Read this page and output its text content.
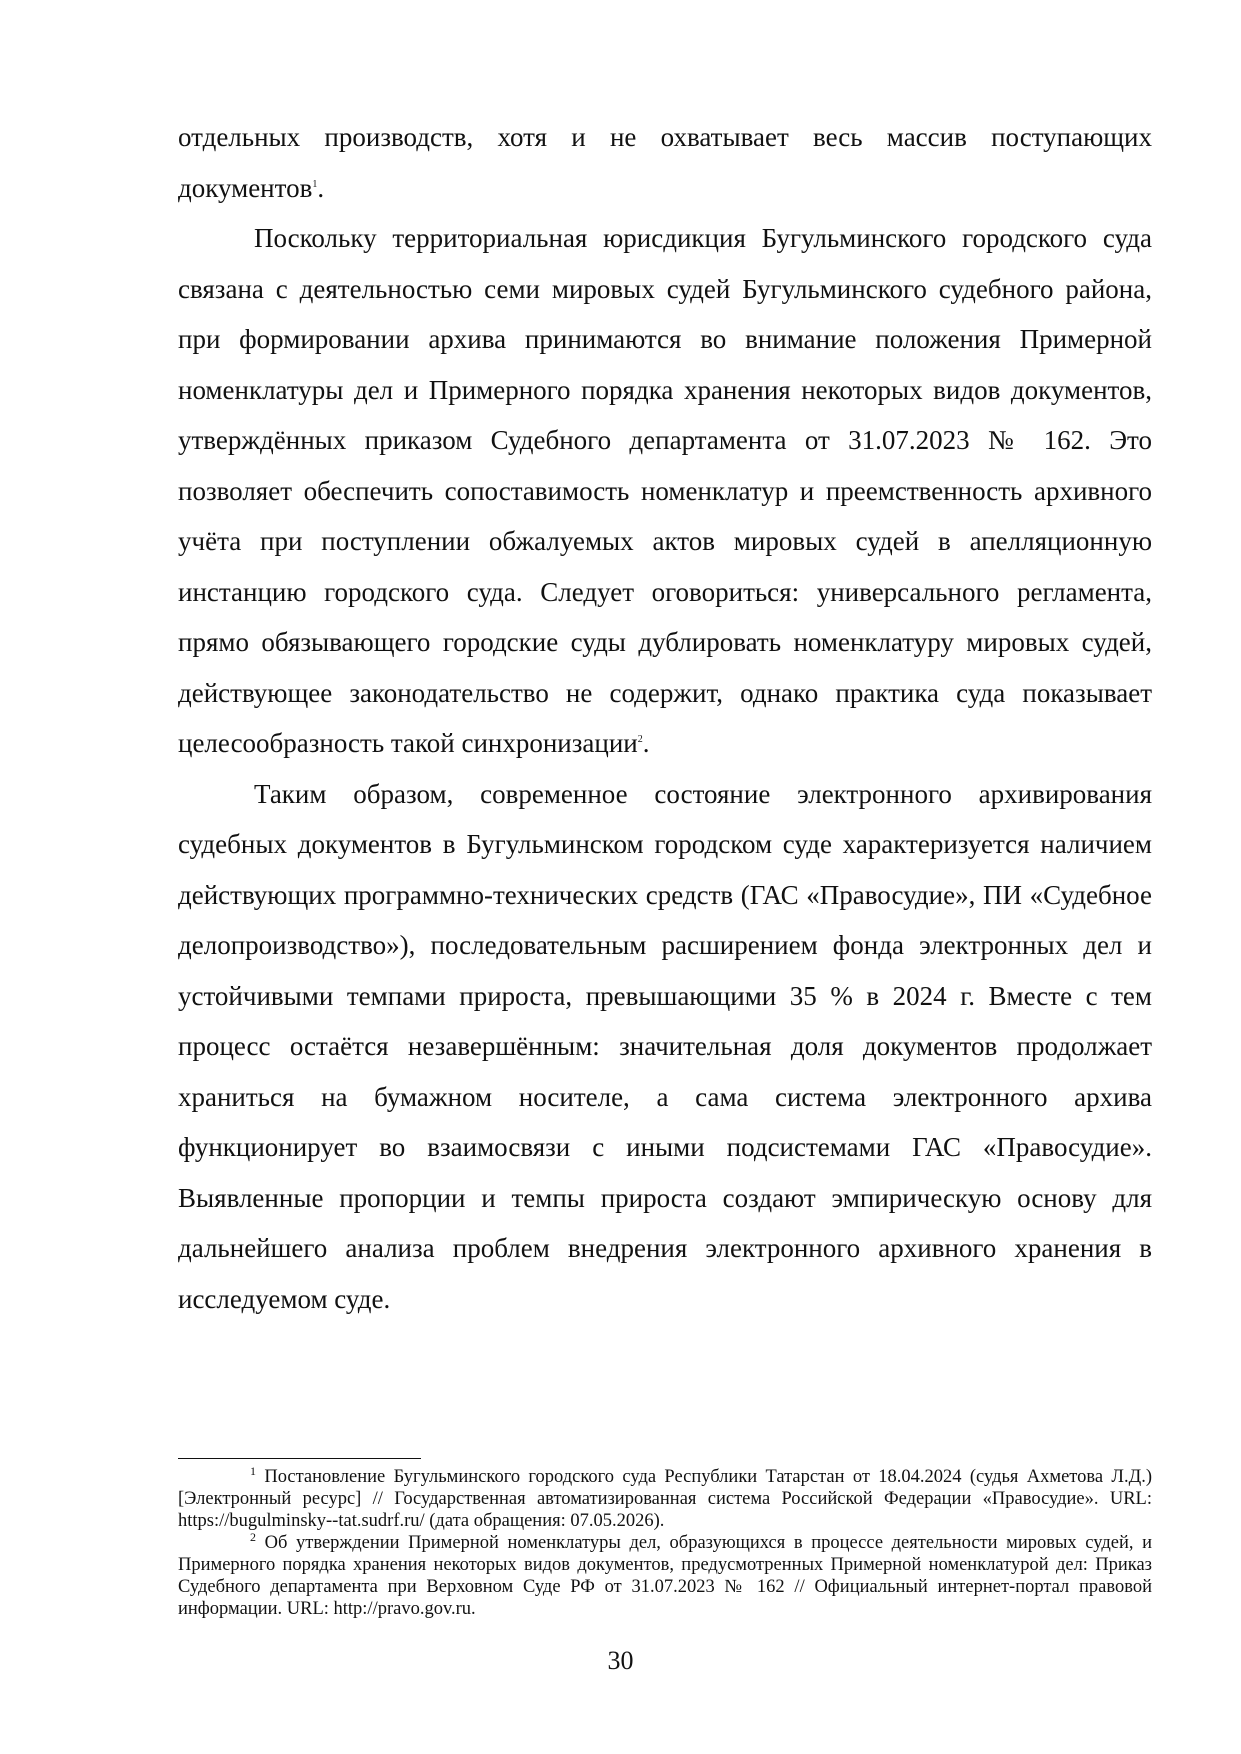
отдельных производств, хотя и не охватывает весь массив поступающих документов$^1$.

Поскольку территориальная юрисдикция Бугульминского городского суда связана с деятельностью семи мировых судей Бугульминского судебного района, при формировании архива принимаются во внимание положения Примерной номенклатуры дел и Примерного порядка хранения некоторых видов документов, утверждённых приказом Судебного департамента от 31.07.2023 № 162. Это позволяет обеспечить сопоставимость номенклатур и преемственность архивного учёта при поступлении обжалуемых актов мировых судей в апелляционную инстанцию городского суда. Следует оговориться: универсального регламента, прямо обязывающего городские суды дублировать номенклатуру мировых судей, действующее законодательство не содержит, однако практика суда показывает целесообразность такой синхронизации$^2$.

Таким образом, современное состояние электронного архивирования судебных документов в Бугульминском городском суде характеризуется наличием действующих программно-технических средств (ГАС «Правосудие», ПИ «Судебное делопроизводство»), последовательным расширением фонда электронных дел и устойчивыми темпами прироста, превышающими 35 % в 2024 г. Вместе с тем процесс остаётся незавершённым: значительная доля документов продолжает храниться на бумажном носителе, а сама система электронного архива функционирует во взаимосвязи с иными подсистемами ГАС «Правосудие». Выявленные пропорции и темпы прироста создают эмпирическую основу для дальнейшего анализа проблем внедрения электронного архивного хранения в исследуемом суде.

$^1$ Постановление Бугульминского городского суда Республики Татарстан от 18.04.2024 (судья Ахметова Л.Д.) [Электронный ресурс] // Государственная автоматизированная система Российской Федерации «Правосудие». URL: https://bugulminsky--tat.sudrf.ru/ (дата обращения: 07.05.2026).

$^2$ Об утверждении Примерной номенклатуры дел, образующихся в процессе деятельности мировых судей, и Примерного порядка хранения некоторых видов документов, предусмотренных Примерной номенклатурой дел: Приказ Судебного департамента при Верховном Суде РФ от 31.07.2023 № 162 // Официальный интернет-портал правовой информации. URL: http://pravo.gov.ru.

30
